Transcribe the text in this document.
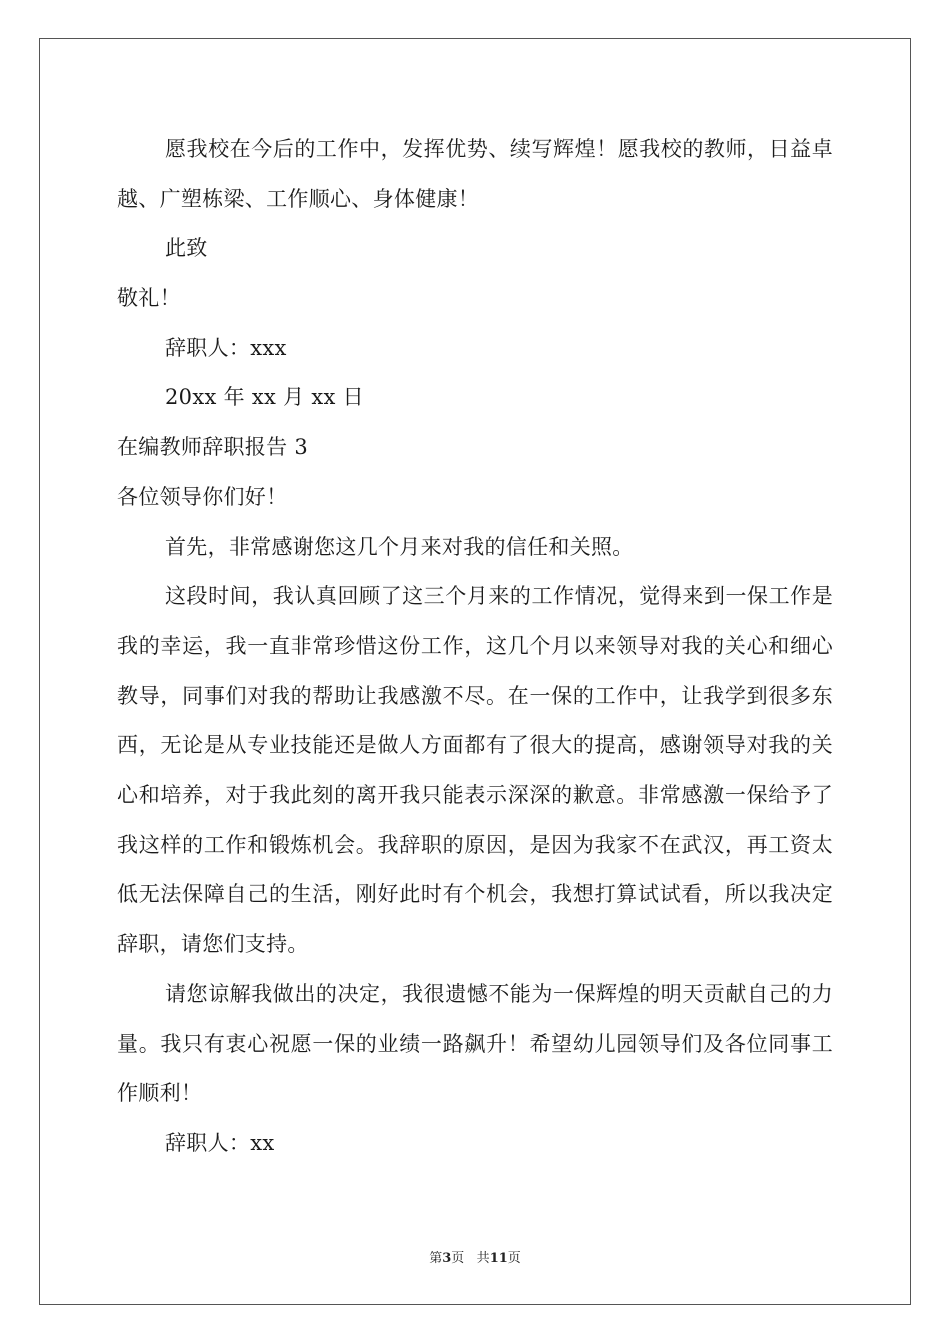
愿我校在今后的工作中，发挥优势、续写辉煌！愿我校的教师，日益卓越、广塑栋梁、工作顺心、身体健康！

此致
敬礼！
辞职人：xxx
20xx 年 xx 月 xx 日
在编教师辞职报告 3
各位领导你们好！

首先，非常感谢您这几个月来对我的信任和关照。

这段时间，我认真回顾了这三个月来的工作情况，觉得来到一保工作是我的幸运，我一直非常珍惜这份工作，这几个月以来领导对我的关心和细心教导，同事们对我的帮助让我感激不尽。在一保的工作中，让我学到很多东西，无论是从专业技能还是做人方面都有了很大的提高，感谢领导对我的关心和培养，对于我此刻的离开我只能表示深深的歉意。非常感激一保给予了我这样的工作和锻炼机会。我辞职的原因，是因为我家不在武汉，再工资太低无法保障自己的生活，刚好此时有个机会，我想打算试试看，所以我决定辞职，请您们支持。

请您谅解我做出的决定，我很遗憾不能为一保辉煌的明天贡献自己的力量。我只有衷心祝愿一保的业绩一路飙升！希望幼儿园领导们及各位同事工作顺利！

辞职人：xx
第3页 共11页
